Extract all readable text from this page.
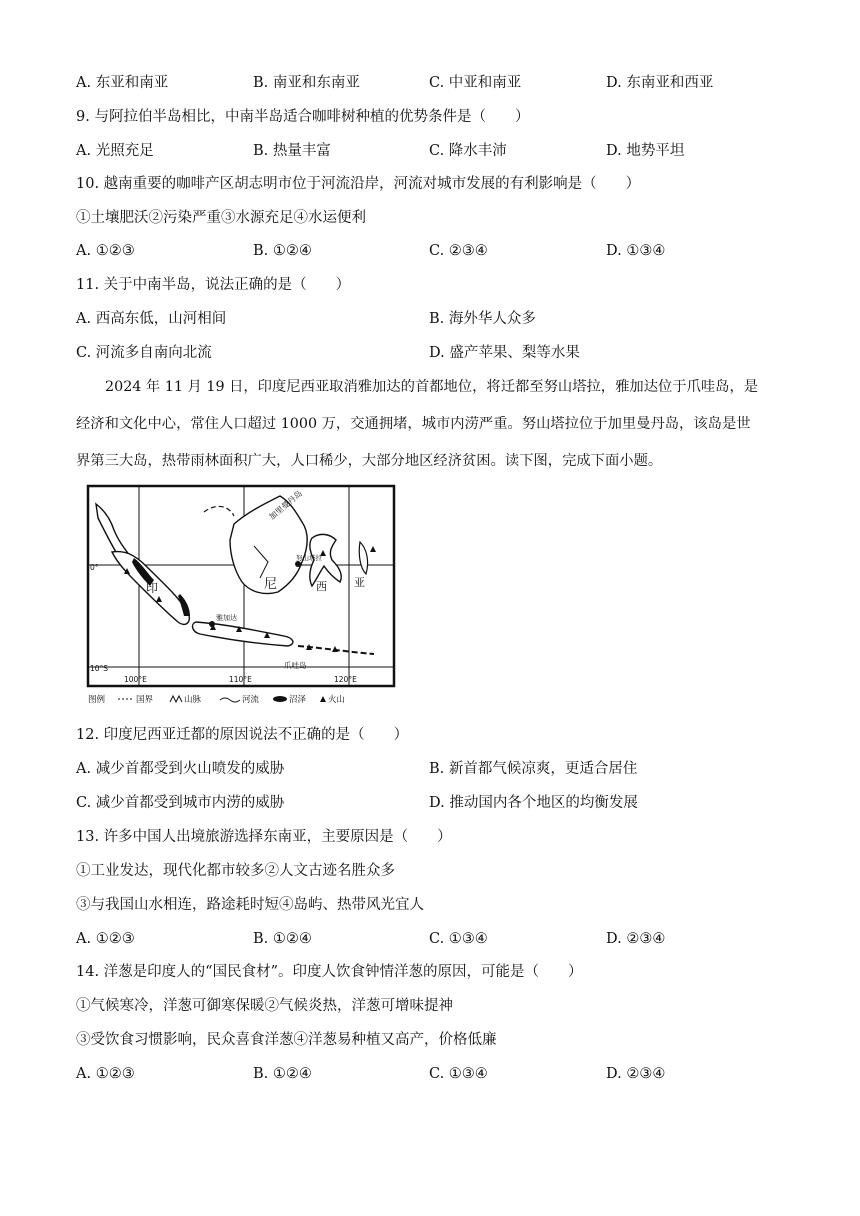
A. 东亚和南亚	B. 南亚和东南亚	C. 中亚和南亚	D. 东南亚和西亚
9. 与阿拉伯半岛相比，中南半岛适合咖啡树种植的优势条件是（　　）
A. 光照充足	B. 热量丰富	C. 降水丰沛	D. 地势平坦
10. 越南重要的咖啡产区胡志明市位于河流沿岸，河流对城市发展的有利影响是（　　）
①土壤肥沃②污染严重③水源充足④水运便利
A. ①②③	B. ①②④	C. ②③④	D. ①③④
11. 关于中南半岛，说法正确的是（　　）
A. 西高东低，山河相间	B. 海外华人众多
C. 河流多自南向北流	D. 盛产苹果、梨等水果
2024 年 11 月 19 日，印度尼西亚取消雅加达的首都地位，将迁都至努山塔拉，雅加达位于爪哇岛，是
经济和文化中心，常住人口超过 1000 万，交通拥堵，城市内涝严重。努山塔拉位于加里曼丹岛，该岛是世
界第三大岛，热带雨林面积广大，人口稀少，大部分地区经济贫困。读下图，完成下面小题。
加里曼丹岛
努山塔拉
雅加达
爪哇岛
印	尼	西 亚
0°
10°S
100°E	110°E	120°E
图例	国界	山脉	河流	沼泽	火山
12. 印度尼西亚迁都的原因说法不正确的是（　　）
A. 减少首都受到火山喷发的威胁	B. 新首都气候凉爽，更适合居住
C. 减少首都受到城市内涝的威胁	D. 推动国内各个地区的均衡发展
13. 许多中国人出境旅游选择东南亚，主要原因是（　　）
①工业发达，现代化都市较多②人文古迹名胜众多
③与我国山水相连，路途耗时短④岛屿、热带风光宜人
A. ①②③	B. ①②④	C. ①③④	D. ②③④
14. 洋葱是印度人的“国民食材”。印度人饮食钟情洋葱的原因，可能是（　　）
①气候寒冷，洋葱可御寒保暖②气候炎热，洋葱可增味提神
③受饮食习惯影响，民众喜食洋葱④洋葱易种植又高产，价格低廉
A. ①②③	B. ①②④	C. ①③④	D. ②③④
